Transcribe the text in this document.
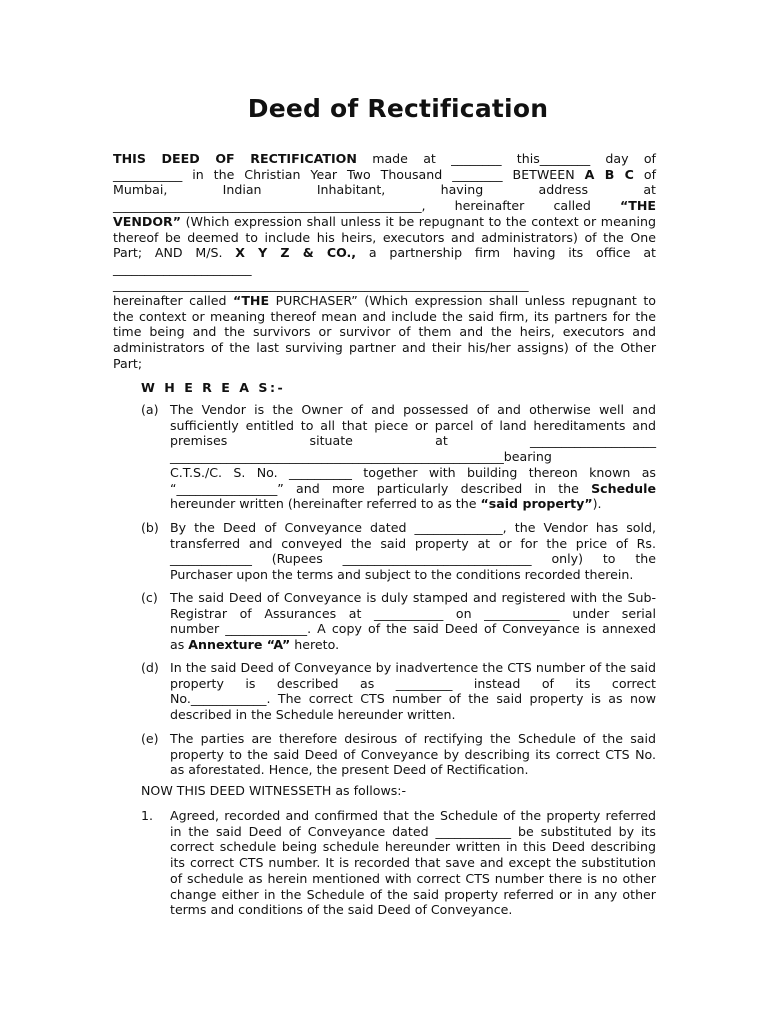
Deed of Rectification
THIS DEED OF RECTIFICATION made at ________ this________ day of
___________ in the Christian Year Two Thousand ________ BETWEEN A B C of
Mumbai, Indian Inhabitant, having address at
_________________________________________________, hereinafter called “THE
VENDOR” (Which expression shall unless it be repugnant to the context or meaning
thereof be deemed to include his heirs, executors and administrators) of the One
Part; AND M/S. X Y Z & CO., a partnership firm having its office at
______________________
__________________________________________________________________
hereinafter called “THE PURCHASER” (Which expression shall unless repugnant to
the context or meaning thereof mean and include the said firm, its partners for the
time being and the survivors or survivor of them and the heirs, executors and
administrators of the last surviving partner and their his/her assigns) of the Other
Part;
W H E R E A S:-
(a) The Vendor is the Owner of and possessed of and otherwise well and
sufficiently entitled to all that piece or parcel of land hereditaments and
premises situate at ____________________
_____________________________________________________bearing
C.T.S./C. S. No. __________ together with building thereon known as
“________________” and more particularly described in the Schedule
hereunder written (hereinafter referred to as the “said property”).
(b) By the Deed of Conveyance dated ______________, the Vendor has sold,
transferred and conveyed the said property at or for the price of Rs.
_____________ (Rupees ______________________________ only) to the
Purchaser upon the terms and subject to the conditions recorded therein.
(c) The said Deed of Conveyance is duly stamped and registered with the Sub-
Registrar of Assurances at ___________ on ____________ under serial
number _____________. A copy of the said Deed of Conveyance is annexed
as Annexture “A” hereto.
(d) In the said Deed of Conveyance by inadvertence the CTS number of the said
property is described as _________ instead of its correct
No.____________. The correct CTS number of the said property is as now
described in the Schedule hereunder written.
(e) The parties are therefore desirous of rectifying the Schedule of the said
property to the said Deed of Conveyance by describing its correct CTS No.
as aforestated. Hence, the present Deed of Rectification.
NOW THIS DEED WITNESSETH as follows:-
1. Agreed, recorded and confirmed that the Schedule of the property referred
in the said Deed of Conveyance dated ____________ be substituted by its
correct schedule being schedule hereunder written in this Deed describing
its correct CTS number. It is recorded that save and except the substitution
of schedule as herein mentioned with correct CTS number there is no other
change either in the Schedule of the said property referred or in any other
terms and conditions of the said Deed of Conveyance.
